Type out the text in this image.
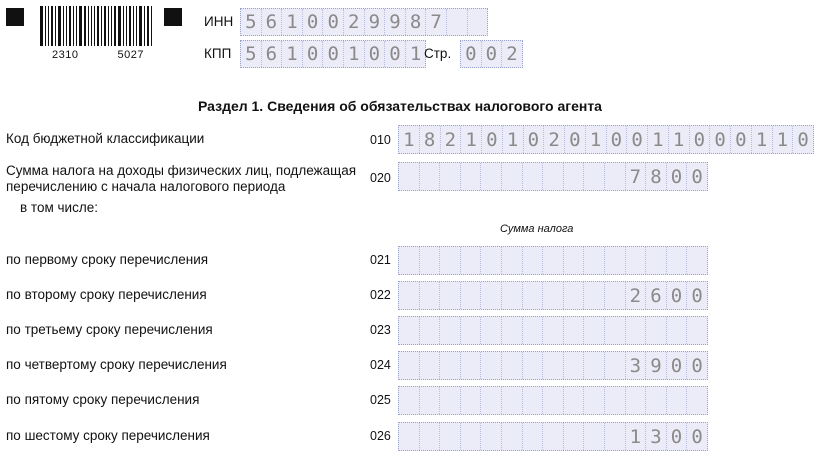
2310	5027
ИНН 5 6 1 0 0 2 9 9 8 7
КПП 5 6 1 0 0 1 0 0 1 Стр. 0 0 2
Раздел 1. Сведения об обязательствах налогового агента
Код бюджетной классификации	010 1 8 2 1 0 1 0 2 0 1 0 0 1 1 0 0 0 1 1 0
Сумма налога на доходы физических лиц, подлежащая
перечислению с начала налогового периода
020	7 8 0 0
в том числе:
Сумма налога
по первому сроку перечисления	021
по второму сроку перечисления	022	2 6 0 0
по третьему сроку перечисления	023
по четвертому сроку перечисления	024	3 9 0 0
по пятому сроку перечисления	025
по шестому сроку перечисления	026	1 3 0 0
